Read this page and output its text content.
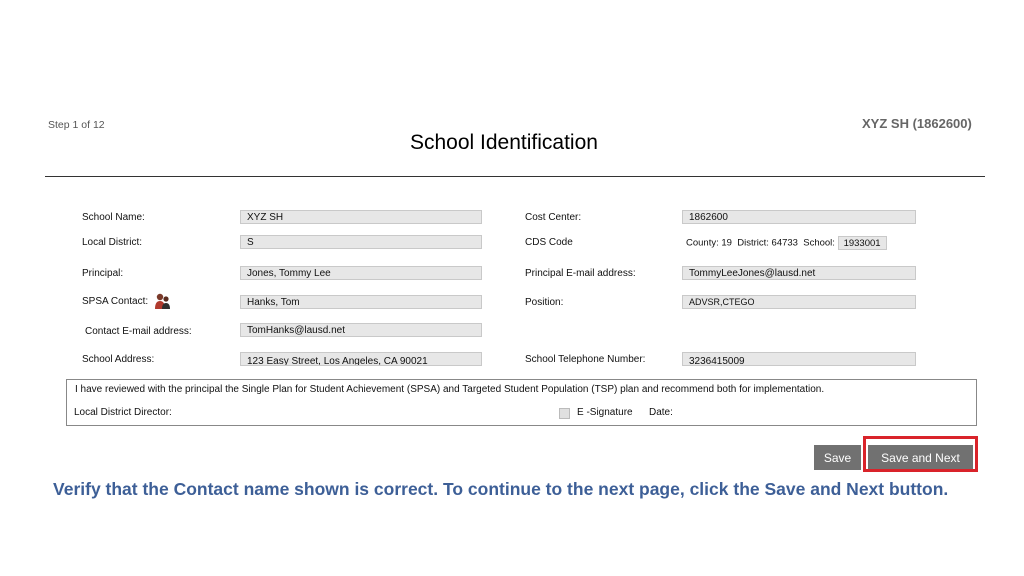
Step 1 of 12	XYZ SH (1862600)
School Identification
School Name:	XYZ SH
Local District:	S
Principal:	Jones, Tommy Lee
SPSA Contact:	Hanks, Tom
Contact E-mail address:	TomHanks@lausd.net
School Address:	123 Easy Street, Los Angeles, CA 90021
Cost Center:	1862600
CDS Code	County: 19 District: 64733 School: 1933001
Principal E-mail address:	TommyLeeJones@lausd.net
Position:	ADVSR,CTEGO
School Telephone Number:	3236415009
I have reviewed with the principal the Single Plan for Student Achievement (SPSA) and Targeted Student Population (TSP) plan and recommend both for implementation.
Local District Director:	E -Signature Date:
Save	Save and Next
Verify that the Contact name shown is correct. To continue to the next page, click the Save and Next button.
